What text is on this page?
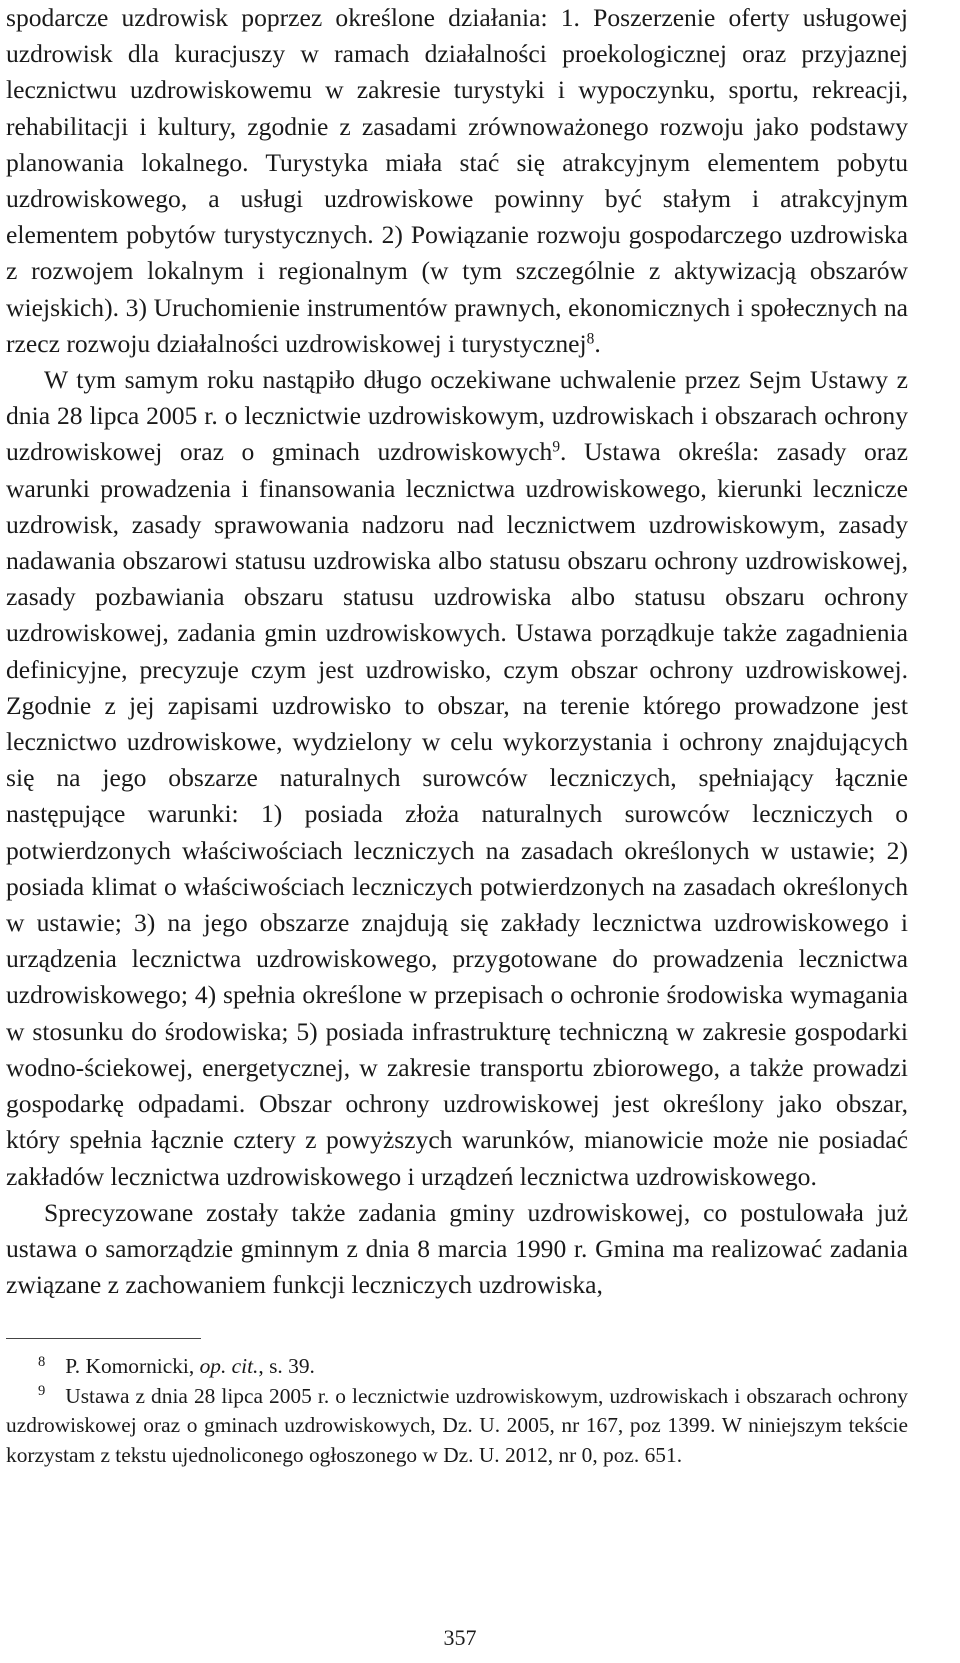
spodarcze uzdrowisk poprzez określone działania: 1. Poszerzenie oferty usługowej uzdrowisk dla kuracjuszy w ramach działalności proekologicznej oraz przyjaznej lecznictwu uzdrowiskowemu w zakresie turystyki i wypoczynku, sportu, rekreacji, rehabilitacji i kultury, zgodnie z zasadami zrównoważonego rozwoju jako podstawy planowania lokalnego. Turystyka miała stać się atrakcyjnym elementem pobytu uzdrowiskowego, a usługi uzdrowiskowe powinny być stałym i atrakcyjnym elementem pobytów turystycznych. 2) Powiązanie rozwoju gospodarczego uzdrowiska z rozwojem lokalnym i regionalnym (w tym szczególnie z aktywizacją obszarów wiejskich). 3) Uruchomienie instrumentów prawnych, ekonomicznych i społecznych na rzecz rozwoju działalności uzdrowiskowej i turystycznej$^8$.

W tym samym roku nastąpiło długo oczekiwane uchwalenie przez Sejm Ustawy z dnia 28 lipca 2005 r. o lecznictwie uzdrowiskowym, uzdrowiskach i obszarach ochrony uzdrowiskowej oraz o gminach uzdrowiskowych$^9$. Ustawa określa: zasady oraz warunki prowadzenia i finansowania lecznictwa uzdrowiskowego, kierunki lecznicze uzdrowisk, zasady sprawowania nadzoru nad lecznictwem uzdrowiskowym, zasady nadawania obszarowi statusu uzdrowiska albo statusu obszaru ochrony uzdrowiskowej, zasady pozbawiania obszaru statusu uzdrowiska albo statusu obszaru ochrony uzdrowiskowej, zadania gmin uzdrowiskowych. Ustawa porządkuje także zagadnienia definicyjne, precyzuje czym jest uzdrowisko, czym obszar ochrony uzdrowiskowej. Zgodnie z jej zapisami uzdrowisko to obszar, na terenie którego prowadzone jest lecznictwo uzdrowiskowe, wydzielony w celu wykorzystania i ochrony znajdujących się na jego obszarze naturalnych surowców leczniczych, spełniający łącznie następujące warunki: 1) posiada złoża naturalnych surowców leczniczych o potwierdzonych właściwościach leczniczych na zasadach określonych w ustawie; 2) posiada klimat o właściwościach leczniczych potwierdzonych na zasadach określonych w ustawie; 3) na jego obszarze znajdują się zakłady lecznictwa uzdrowiskowego i urządzenia lecznictwa uzdrowiskowego, przygotowane do prowadzenia lecznictwa uzdrowiskowego; 4) spełnia określone w przepisach o ochronie środowiska wymagania w stosunku do środowiska; 5) posiada infrastrukturę techniczną w zakresie gospodarki wodno-ściekowej, energetycznej, w zakresie transportu zbiorowego, a także prowadzi gospodarkę odpadami. Obszar ochrony uzdrowiskowej jest określony jako obszar, który spełnia łącznie cztery z powyższych warunków, mianowicie może nie posiadać zakładów lecznictwa uzdrowiskowego i urządzeń lecznictwa uzdrowiskowego.

Sprecyzowane zostały także zadania gminy uzdrowiskowej, co postulowała już ustawa o samorządzie gminnym z dnia 8 marcia 1990 r. Gmina ma realizować zadania związane z zachowaniem funkcji leczniczych uzdrowiska,

$^8$ P. Komornicki, op. cit., s. 39.

$^9$ Ustawa z dnia 28 lipca 2005 r. o lecznictwie uzdrowiskowym, uzdrowiskach i obszarach ochrony uzdrowiskowej oraz o gminach uzdrowiskowych, Dz. U. 2005, nr 167, poz 1399. W niniejszym tekście korzystam z tekstu ujednoliconego ogłoszonego w Dz. U. 2012, nr 0, poz. 651.

357
